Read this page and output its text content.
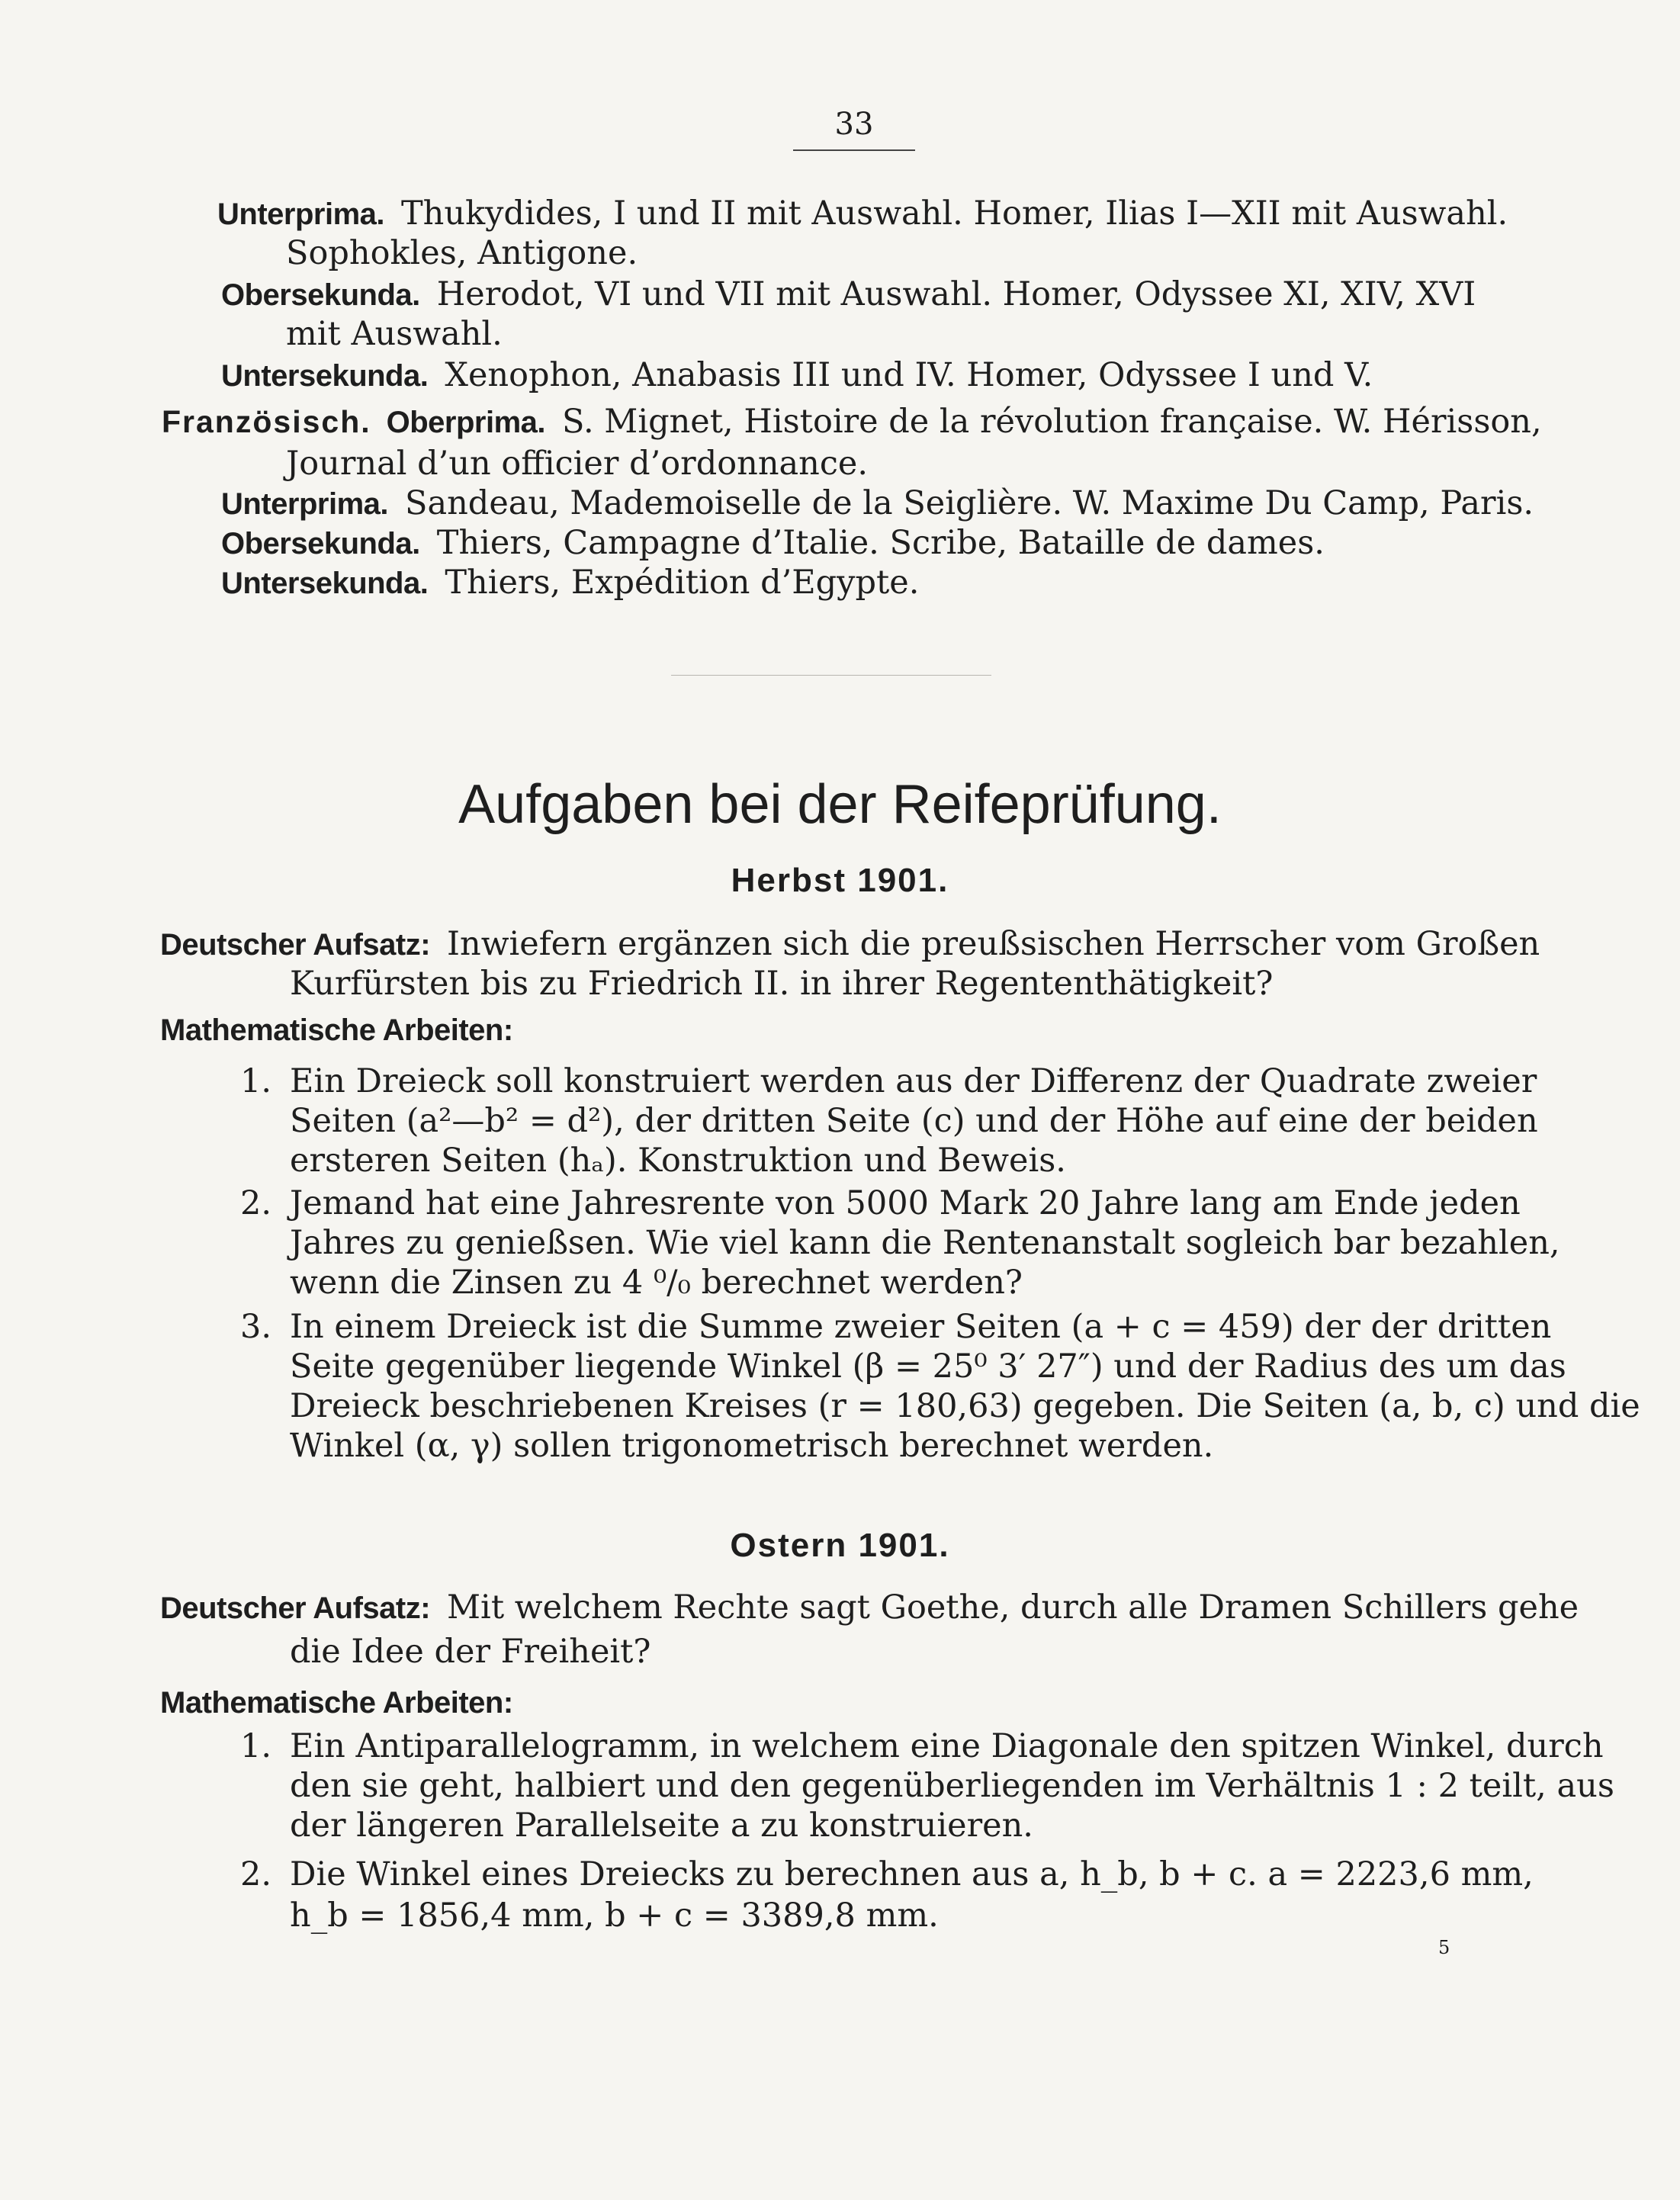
33
Unterprima. Thukydides, I und II mit Auswahl. Homer, Ilias I—XII mit Auswahl.
Sophokles, Antigone.
Obersekunda. Herodot, VI und VII mit Auswahl. Homer, Odyssee XI, XIV, XVI
mit Auswahl.
Untersekunda. Xenophon, Anabasis III und IV. Homer, Odyssee I und V.
Französisch. Oberprima. S. Mignet, Histoire de la révolution française. W. Hérisson,
Journal d’un officier d’ordonnance.
Unterprima. Sandeau, Mademoiselle de la Seiglière. W. Maxime Du Camp, Paris.
Obersekunda. Thiers, Campagne d’Italie. Scribe, Bataille de dames.
Untersekunda. Thiers, Expédition d’Egypte.
Aufgaben bei der Reifeprüfung.
Herbst 1901.
Deutscher Aufsatz: Inwiefern ergänzen sich die preußsischen Herrscher vom Großen
Kurfürsten bis zu Friedrich II. in ihrer Regententhätigkeit?
Mathematische Arbeiten:
1. Ein Dreieck soll konstruiert werden aus der Differenz der Quadrate zweier
Seiten (a²—b² = d²), der dritten Seite (c) und der Höhe auf eine der beiden
ersteren Seiten (hₐ). Konstruktion und Beweis.
2. Jemand hat eine Jahresrente von 5000 Mark 20 Jahre lang am Ende jeden
Jahres zu genießsen. Wie viel kann die Rentenanstalt sogleich bar bezahlen,
wenn die Zinsen zu 4 ⁰/₀ berechnet werden?
3. In einem Dreieck ist die Summe zweier Seiten (a + c = 459) der der dritten
Seite gegenüber liegende Winkel (β = 25⁰ 3′ 27″) und der Radius des um das
Dreieck beschriebenen Kreises (r = 180,63) gegeben. Die Seiten (a, b, c) und die
Winkel (α, γ) sollen trigonometrisch berechnet werden.
Ostern 1901.
Deutscher Aufsatz: Mit welchem Rechte sagt Goethe, durch alle Dramen Schillers gehe
die Idee der Freiheit?
Mathematische Arbeiten:
1. Ein Antiparallelogramm, in welchem eine Diagonale den spitzen Winkel, durch
den sie geht, halbiert und den gegenüberliegenden im Verhältnis 1 : 2 teilt, aus
der längeren Parallelseite a zu konstruieren.
2. Die Winkel eines Dreiecks zu berechnen aus a, h_b, b + c. a = 2223,6 mm,
h_b = 1856,4 mm, b + c = 3389,8 mm.
5
